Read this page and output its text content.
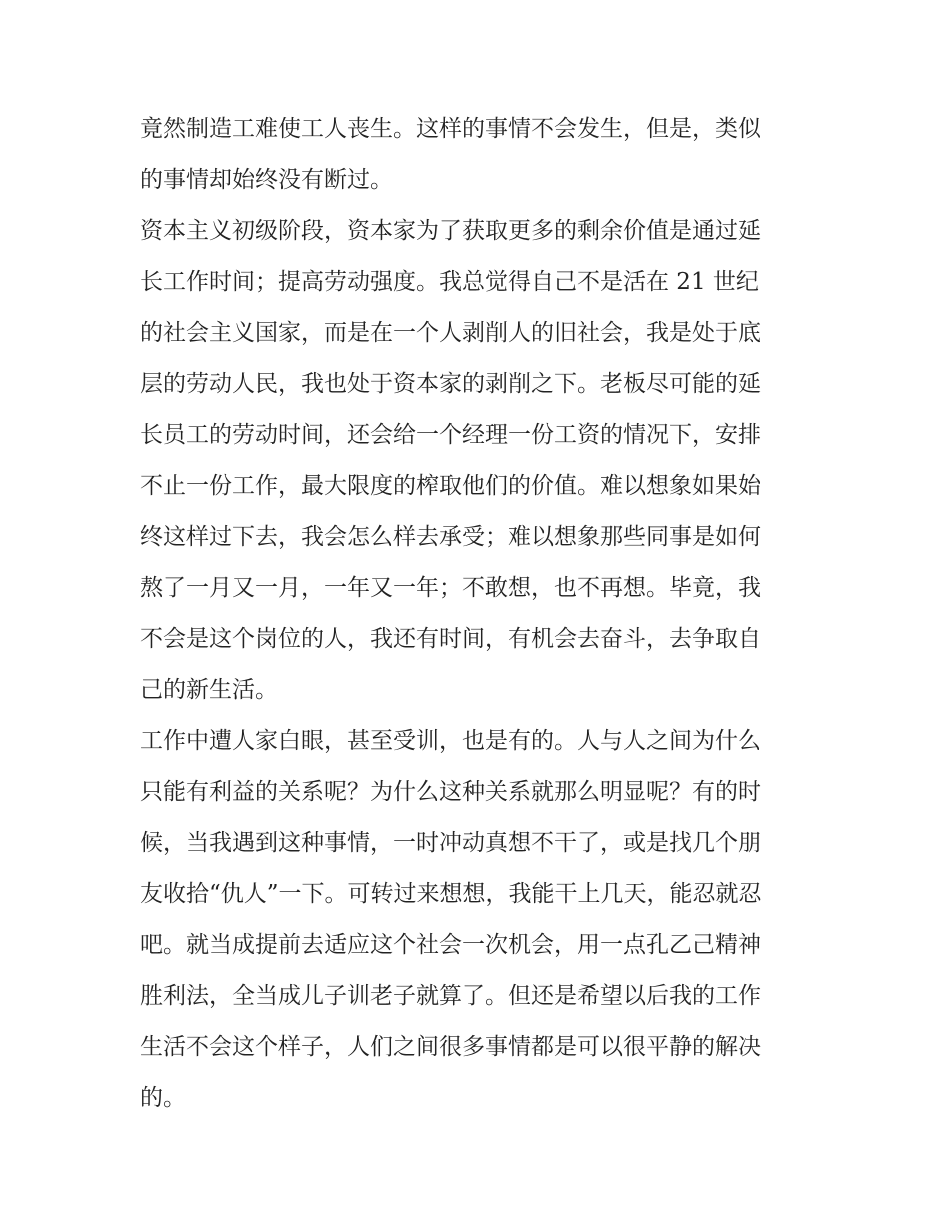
竟然制造工难使工人丧生。这样的事情不会发生，但是，类似
的事情却始终没有断过。
资本主义初级阶段，资本家为了获取更多的剩余价值是通过延
长工作时间；提高劳动强度。我总觉得自己不是活在 21 世纪
的社会主义国家，而是在一个人剥削人的旧社会，我是处于底
层的劳动人民，我也处于资本家的剥削之下。老板尽可能的延
长员工的劳动时间，还会给一个经理一份工资的情况下，安排
不止一份工作，最大限度的榨取他们的价值。难以想象如果始
终这样过下去，我会怎么样去承受；难以想象那些同事是如何
熬了一月又一月，一年又一年；不敢想，也不再想。毕竟，我
不会是这个岗位的人，我还有时间，有机会去奋斗，去争取自
己的新生活。
工作中遭人家白眼，甚至受训，也是有的。人与人之间为什么
只能有利益的关系呢？为什么这种关系就那么明显呢？有的时
候，当我遇到这种事情，一时冲动真想不干了，或是找几个朋
友收拾“仇人”一下。可转过来想想，我能干上几天，能忍就忍
吧。就当成提前去适应这个社会一次机会，用一点孔乙己精神
胜利法，全当成儿子训老子就算了。但还是希望以后我的工作
生活不会这个样子，人们之间很多事情都是可以很平静的解决
的。
